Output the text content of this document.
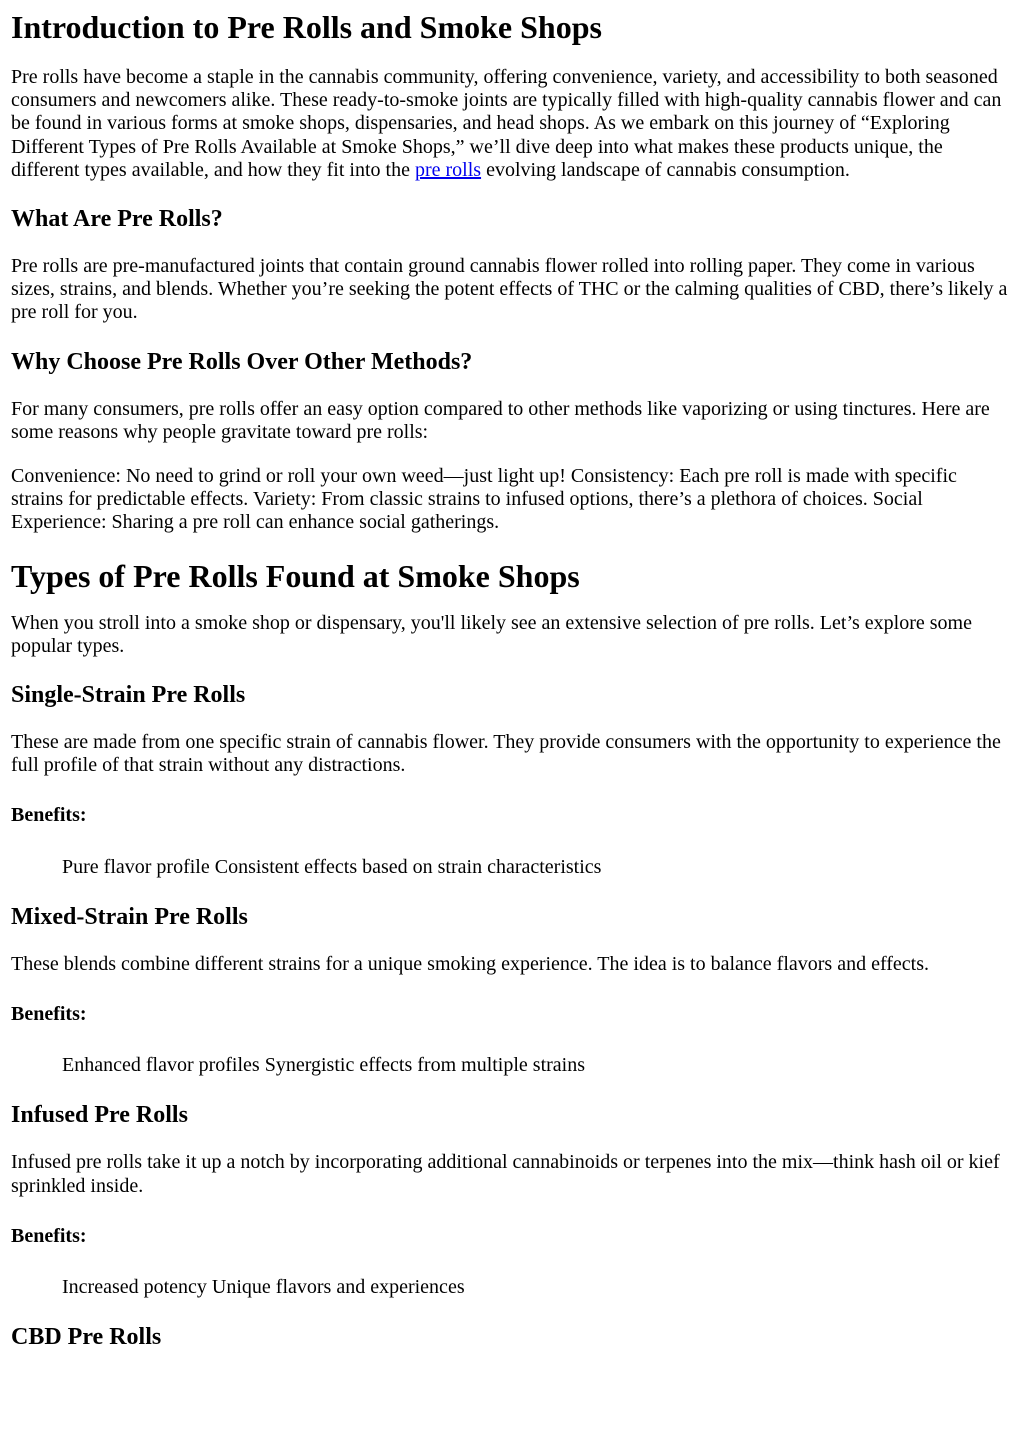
Introduction to Pre Rolls and Smoke Shops

Pre rolls have become a staple in the cannabis community, offering convenience, variety, and accessibility to both seasoned consumers and newcomers alike. These ready-to-smoke joints are typically filled with high-quality cannabis flower and can be found in various forms at smoke shops, dispensaries, and head shops. As we embark on this journey of “Exploring Different Types of Pre Rolls Available at Smoke Shops,” we’ll dive deep into what makes these products unique, the different types available, and how they fit into the pre rolls evolving landscape of cannabis consumption.

What Are Pre Rolls?

Pre rolls are pre-manufactured joints that contain ground cannabis flower rolled into rolling paper. They come in various sizes, strains, and blends. Whether you’re seeking the potent effects of THC or the calming qualities of CBD, there’s likely a pre roll for you.

Why Choose Pre Rolls Over Other Methods?

For many consumers, pre rolls offer an easy option compared to other methods like vaporizing or using tinctures. Here are some reasons why people gravitate toward pre rolls:

Convenience: No need to grind or roll your own weed—just light up! Consistency: Each pre roll is made with specific strains for predictable effects. Variety: From classic strains to infused options, there’s a plethora of choices. Social Experience: Sharing a pre roll can enhance social gatherings.

Types of Pre Rolls Found at Smoke Shops

When you stroll into a smoke shop or dispensary, you'll likely see an extensive selection of pre rolls. Let’s explore some popular types.

Single-Strain Pre Rolls

These are made from one specific strain of cannabis flower. They provide consumers with the opportunity to experience the full profile of that strain without any distractions.

Benefits:

Pure flavor profile Consistent effects based on strain characteristics

Mixed-Strain Pre Rolls

These blends combine different strains for a unique smoking experience. The idea is to balance flavors and effects.

Benefits:

Enhanced flavor profiles Synergistic effects from multiple strains

Infused Pre Rolls

Infused pre rolls take it up a notch by incorporating additional cannabinoids or terpenes into the mix—think hash oil or kief sprinkled inside.

Benefits:

Increased potency Unique flavors and experiences

CBD Pre Rolls
